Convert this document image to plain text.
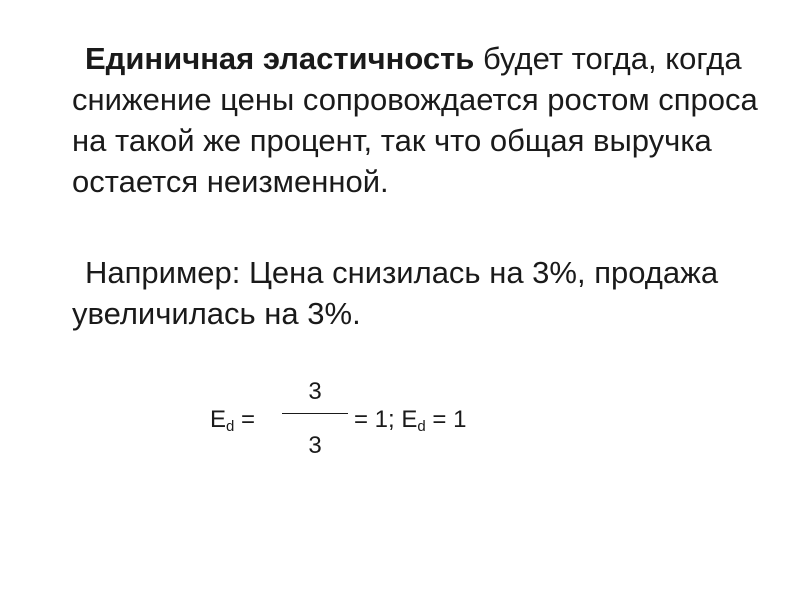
Единичная эластичность будет тогда, когда снижение цены сопровождается ростом спроса на такой же процент, так что общая выручка остается неизменной.

Например: Цена снизилась на 3%, продажа увеличилась на 3%.

Ed =
3
3
= 1; Ed = 1
